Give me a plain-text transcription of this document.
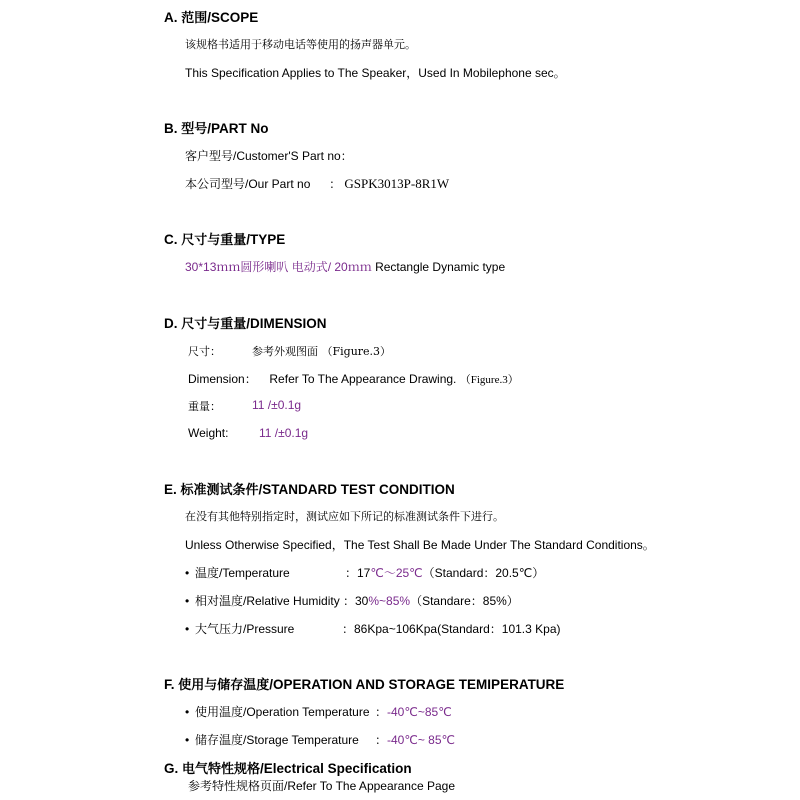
A. 范围/SCOPE
该规格书适用于移动电话等使用的扬声器单元。
This Specification Applies to The Speaker，Used In Mobilephone sec。
B. 型号/PART No
客户型号/Customer'S Part no：
本公司型号/Our Part no ： GSPK3013P-8R1W
C. 尺寸与重量/TYPE
30*13ｍｍ圆形喇叭 电动式/ 20ｍｍ Rectangle Dynamic type
D. 尺寸与重量/DIMENSION
尺寸：	参考外观图面 （Figure.3）
Dimension： Refer To The Appearance Drawing. （Figure.3）
重量：	11 /±0.1g
Weight:	11 /±0.1g
E. 标准测试条件/STANDARD TEST CONDITION
在没有其他特别指定时，测试应如下所记的标准测试条件下进行。
Unless Otherwise Specified，The Test Shall Be Made Under The Standard Conditions。
• 温度/Temperature	：17℃～25℃（Standard：20.5℃）
• 相对温度/Relative Humidity ：30%~85%（Standare：85%）
• 大气压力/Pressure	：86Kpa~106Kpa(Standard：101.3 Kpa)
F. 使用与储存温度/OPERATION AND STORAGE TEMIPERATURE
• 使用温度/Operation Temperature ：-40℃~85℃
• 储存温度/Storage Temperature ：-40℃~ 85℃
G. 电气特性规格/Electrical Specification
参考特性规格页面/Refer To The Appearance Page
